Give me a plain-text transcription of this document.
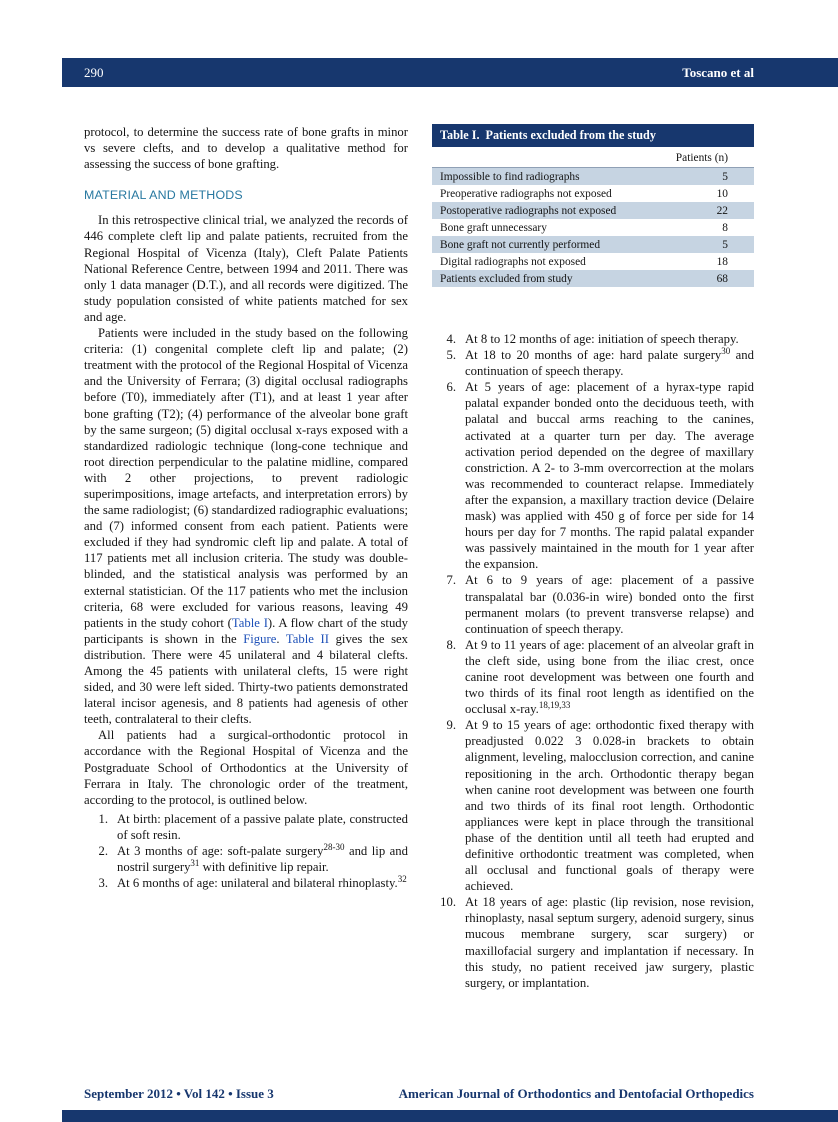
290	Toscano et al

protocol, to determine the success rate of bone grafts in minor vs severe clefts, and to develop a qualitative method for assessing the success of bone grafting.

MATERIAL AND METHODS

In this retrospective clinical trial, we analyzed the records of 446 complete cleft lip and palate patients, recruited from the Regional Hospital of Vicenza (Italy), Cleft Palate Patients National Reference Centre, between 1994 and 2011. There was only 1 data manager (D.T.), and all records were digitized. The study population consisted of white patients matched for sex and age.

Patients were included in the study based on the following criteria: (1) congenital complete cleft lip and palate; (2) treatment with the protocol of the Regional Hospital of Vicenza and the University of Ferrara; (3) digital occlusal radiographs before (T0), immediately after (T1), and at least 1 year after bone grafting (T2); (4) performance of the alveolar bone graft by the same surgeon; (5) digital occlusal x-rays exposed with a standardized radiologic technique (long-cone technique and root direction perpendicular to the palatine midline, compared with 2 other projections, to prevent radiologic superimpositions, image artefacts, and interpretation errors) by the same radiologist; (6) standardized radiographic evaluations; and (7) informed consent from each patient. Patients were excluded if they had syndromic cleft lip and palate. A total of 117 patients met all inclusion criteria. The study was double-blinded, and the statistical analysis was performed by an external statistician. Of the 117 patients who met the inclusion criteria, 68 were excluded for various reasons, leaving 49 patients in the study cohort (Table I). A flow chart of the study participants is shown in the Figure. Table II gives the sex distribution. There were 45 unilateral and 4 bilateral clefts. Among the 45 patients with unilateral clefts, 15 were right sided, and 30 were left sided. Thirty-two patients demonstrated lateral incisor agenesis, and 8 patients had agenesis of other teeth, contralateral to their clefts.

All patients had a surgical-orthodontic protocol in accordance with the Regional Hospital of Vicenza and the Postgraduate School of Orthodontics at the University of Ferrara in Italy. The chronologic order of the treatment, according to the protocol, is outlined below.

1. At birth: placement of a passive palate plate, constructed of soft resin.
2. At 3 months of age: soft-palate surgery$^{28-30}$ and lip and nostril surgery$^{31}$ with definitive lip repair.
3. At 6 months of age: unilateral and bilateral rhinoplasty.$^{32}$
Table I. Patients excluded from the study
Patients (n)
Impossible to find radiographs	5
Preoperative radiographs not exposed	10
Postoperative radiographs not exposed	22
Bone graft unnecessary	8
Bone graft not currently performed	5
Digital radiographs not exposed	18
Patients excluded from study	68
4. At 8 to 12 months of age: initiation of speech therapy.
5. At 18 to 20 months of age: hard palate surgery$^{30}$ and continuation of speech therapy.
6. At 5 years of age: placement of a hyrax-type rapid palatal expander bonded onto the deciduous teeth, with palatal and buccal arms reaching to the canines, activated at a quarter turn per day. The average activation period depended on the degree of maxillary constriction. A 2- to 3-mm overcorrection at the molars was recommended to counteract relapse. Immediately after the expansion, a maxillary traction device (Delaire mask) was applied with 450 g of force per side for 14 hours per day for 7 months. The rapid palatal expander was passively maintained in the mouth for 1 year after the expansion.
7. At 6 to 9 years of age: placement of a passive transpalatal bar (0.036-in wire) bonded onto the first permanent molars (to prevent transverse relapse) and continuation of speech therapy.
8. At 9 to 11 years of age: placement of an alveolar graft in the cleft side, using bone from the iliac crest, once canine root development was between one fourth and two thirds of its final root length as identified on the occlusal x-ray.$^{18,19,33}$
9. At 9 to 15 years of age: orthodontic fixed therapy with preadjusted 0.022 3 0.028-in brackets to obtain alignment, leveling, malocclusion correction, and canine repositioning in the arch. Orthodontic therapy began when canine root development was between one fourth and two thirds of its final root length. Orthodontic appliances were kept in place through the transitional phase of the dentition until all teeth had erupted and definitive orthodontic treatment was completed, when all occlusal and functional goals of therapy were achieved.
10. At 18 years of age: plastic (lip revision, nose revision, rhinoplasty, nasal septum surgery, adenoid surgery, sinus mucous membrane surgery, scar surgery) or maxillofacial surgery and implantation if necessary. In this study, no patient received jaw surgery, plastic surgery, or implantation.
September 2012 • Vol 142 • Issue 3	American Journal of Orthodontics and Dentofacial Orthopedics
